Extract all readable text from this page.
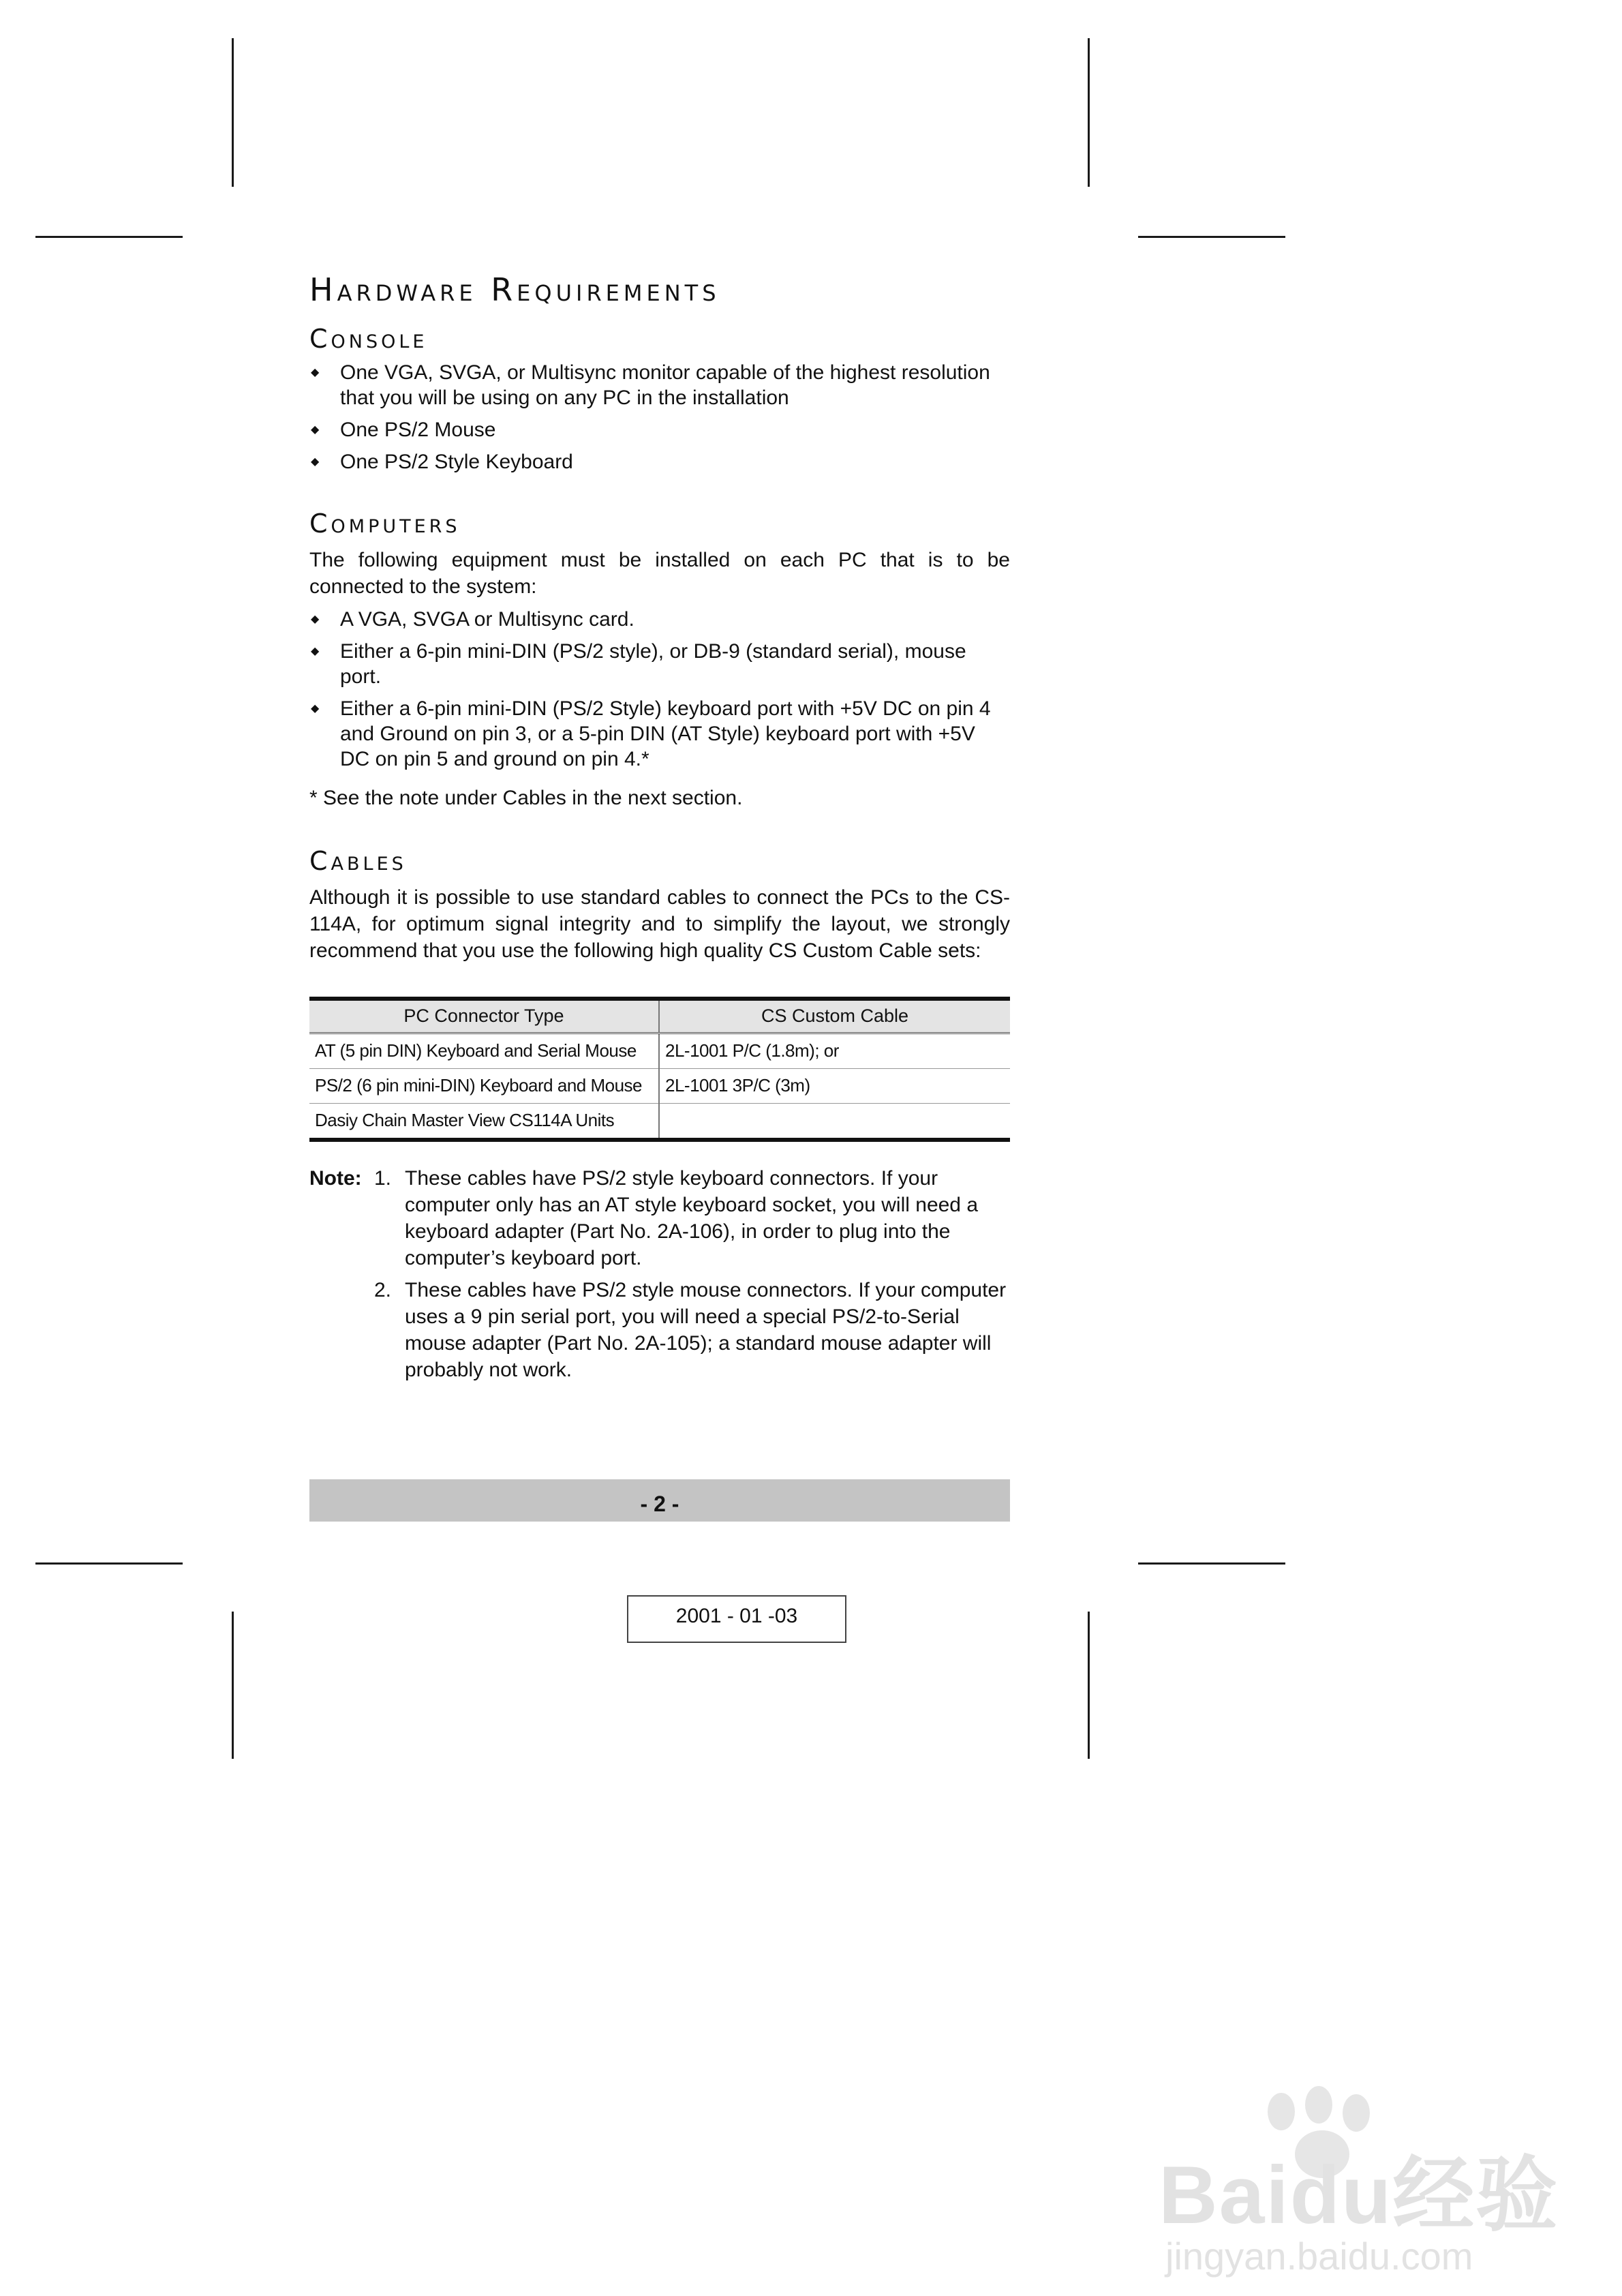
Hardware Requirements
Console
◆ One VGA, SVGA, or Multisync monitor capable of the highest resolution that you will be using on any PC in the installation
◆ One PS/2 Mouse
◆ One PS/2 Style Keyboard
Computers

The following equipment must be installed on each PC that is to be connected to the system:

◆ A VGA, SVGA or Multisync card.
◆ Either a 6-pin mini-DIN (PS/2 style), or DB-9 (standard serial), mouse port.
◆ Either a 6-pin mini-DIN (PS/2 Style) keyboard port with +5V DC on pin 4 and Ground on pin 3, or a 5-pin DIN (AT Style) keyboard port with +5V DC on pin 5 and ground on pin 4.*

* See the note under Cables in the next section.

Cables

Although it is possible to use standard cables to connect the PCs to the CS-114A, for optimum signal integrity and to simplify the layout, we strongly recommend that you use the following high quality CS Custom Cable sets:

PC Connector Type	CS Custom Cable
AT (5 pin DIN) Keyboard and Serial Mouse	2L-1001 P/C (1.8m); or
PS/2 (6 pin mini-DIN) Keyboard and Mouse	2L-1001 3P/C (3m)
Dasiy Chain Master View CS114A Units	
Note: 1. These cables have PS/2 style keyboard connectors. If your computer only has an AT style keyboard socket, you will need a keyboard adapter (Part No. 2A-106), in order to plug into the computer’s keyboard port.
2. These cables have PS/2 style mouse connectors. If your computer uses a 9 pin serial port, you will need a special PS/2-to-Serial mouse adapter (Part No. 2A-105); a standard mouse adapter will probably not work.
- 2 -
2001 - 01 -03
Baidu经验
jingyan.baidu.com
